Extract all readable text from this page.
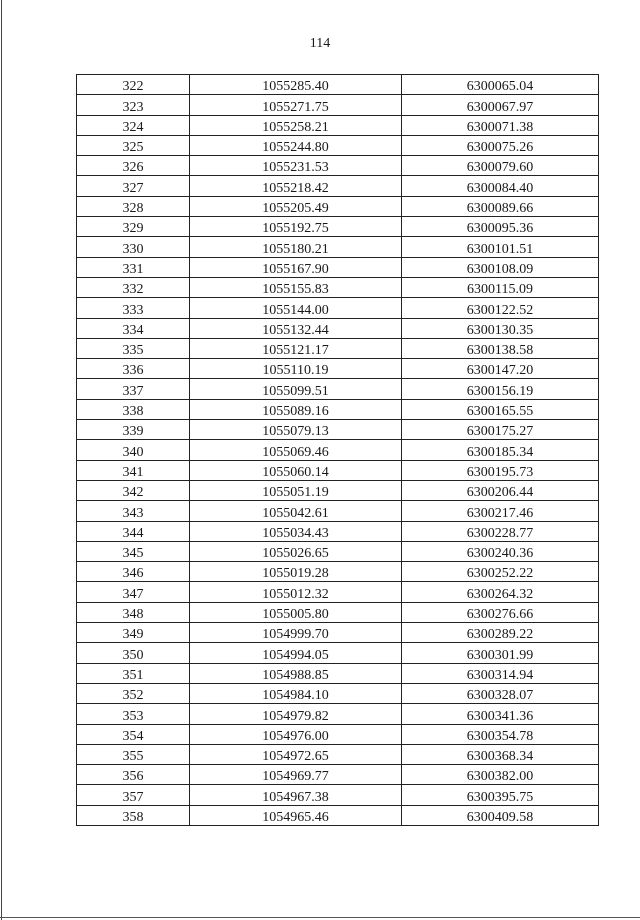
114
322	1055285.40	6300065.04
323	1055271.75	6300067.97
324	1055258.21	6300071.38
325	1055244.80	6300075.26
326	1055231.53	6300079.60
327	1055218.42	6300084.40
328	1055205.49	6300089.66
329	1055192.75	6300095.36
330	1055180.21	6300101.51
331	1055167.90	6300108.09
332	1055155.83	6300115.09
333	1055144.00	6300122.52
334	1055132.44	6300130.35
335	1055121.17	6300138.58
336	1055110.19	6300147.20
337	1055099.51	6300156.19
338	1055089.16	6300165.55
339	1055079.13	6300175.27
340	1055069.46	6300185.34
341	1055060.14	6300195.73
342	1055051.19	6300206.44
343	1055042.61	6300217.46
344	1055034.43	6300228.77
345	1055026.65	6300240.36
346	1055019.28	6300252.22
347	1055012.32	6300264.32
348	1055005.80	6300276.66
349	1054999.70	6300289.22
350	1054994.05	6300301.99
351	1054988.85	6300314.94
352	1054984.10	6300328.07
353	1054979.82	6300341.36
354	1054976.00	6300354.78
355	1054972.65	6300368.34
356	1054969.77	6300382.00
357	1054967.38	6300395.75
358	1054965.46	6300409.58
